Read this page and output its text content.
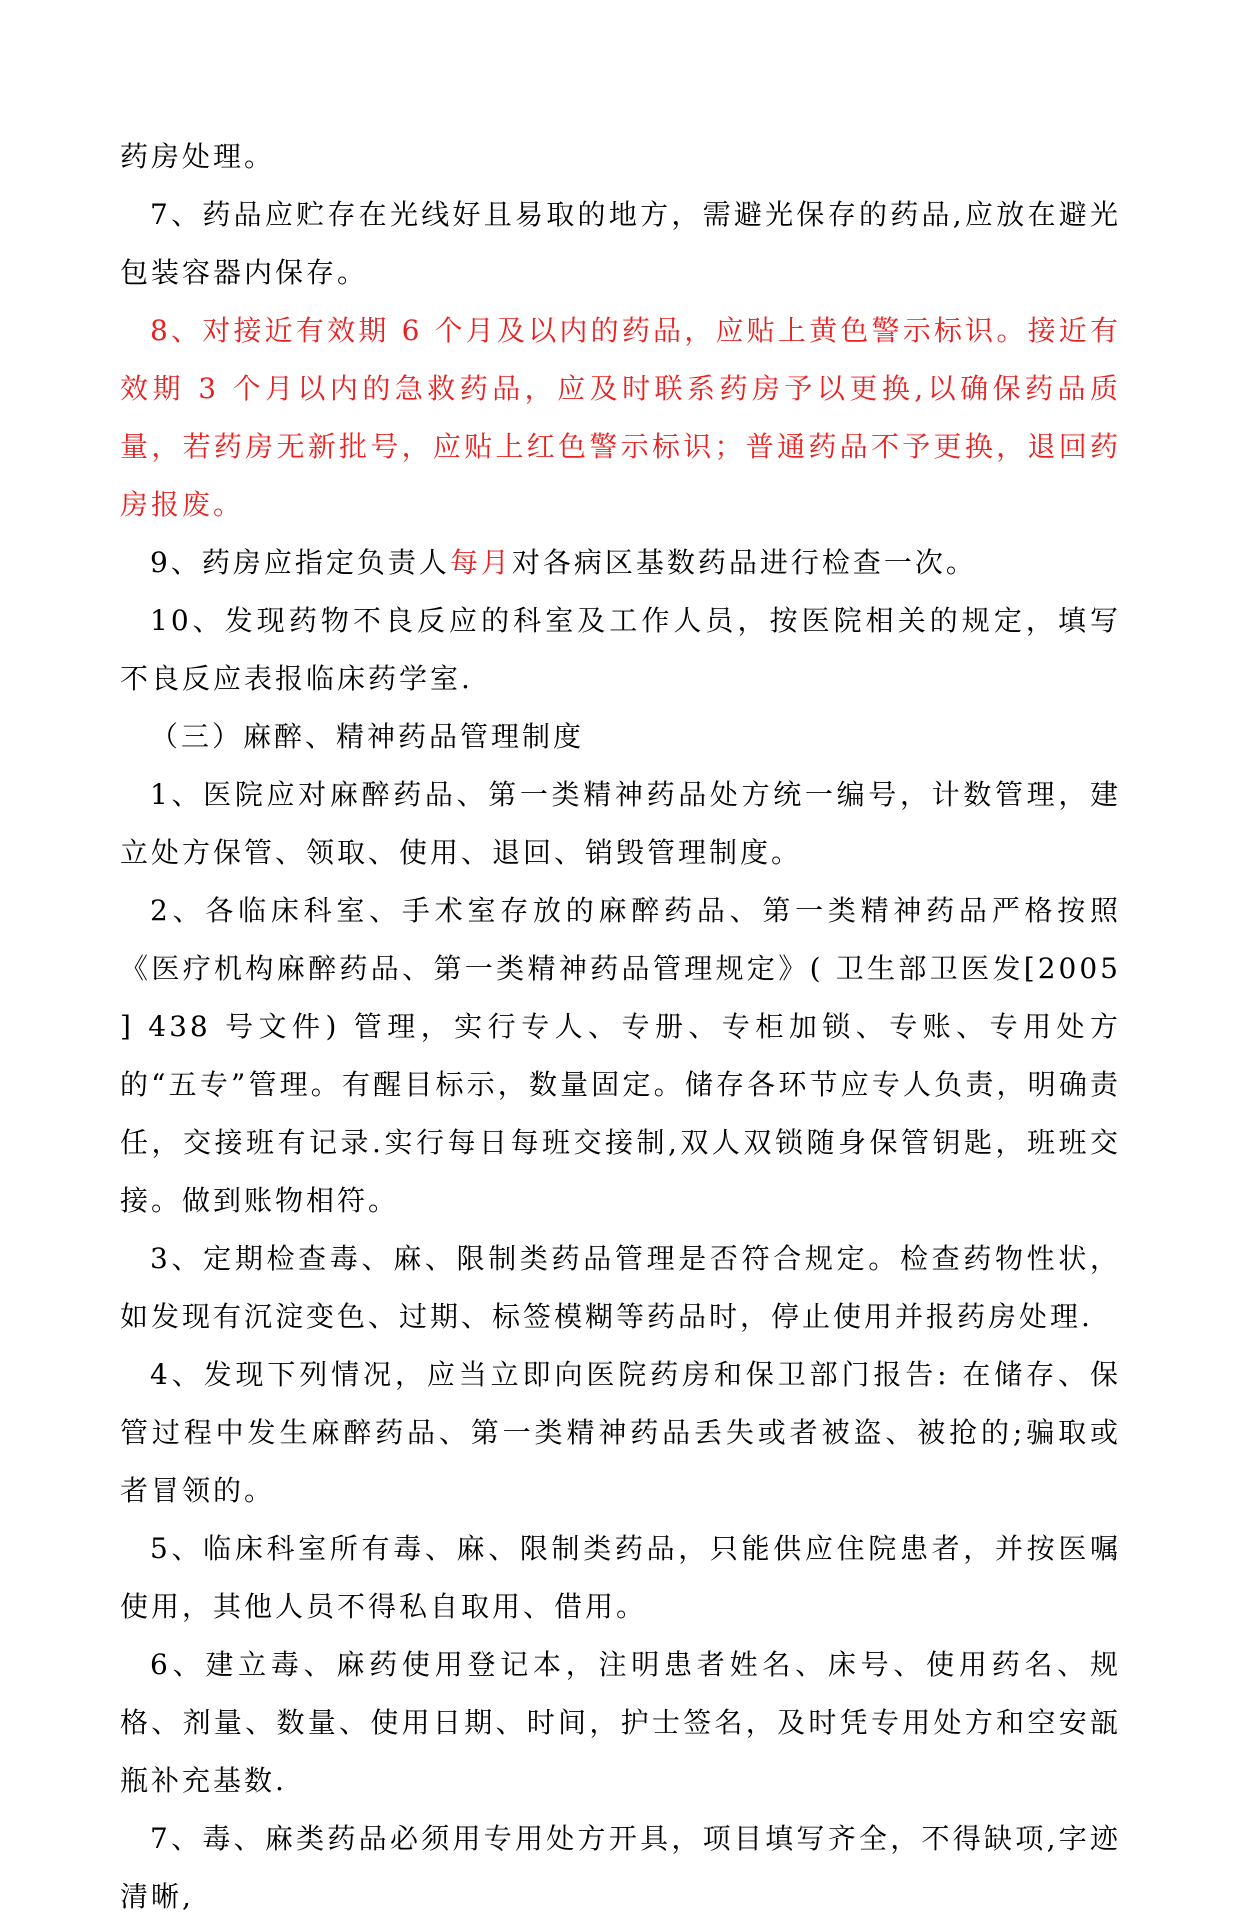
药房处理。

7、药品应贮存在光线好且易取的地方，需避光保存的药品,应放在避光包装容器内保存。

8、对接近有效期 6 个月及以内的药品，应贴上黄色警示标识。接近有效期 3 个月以内的急救药品，应及时联系药房予以更换,以确保药品质量，若药房无新批号，应贴上红色警示标识；普通药品不予更换，退回药房报废。

9、药房应指定负责人每月对各病区基数药品进行检查一次。

10、发现药物不良反应的科室及工作人员，按医院相关的规定，填写不良反应表报临床药学室.

（三）麻醉、精神药品管理制度

1、医院应对麻醉药品、第一类精神药品处方统一编号，计数管理，建立处方保管、领取、使用、退回、销毁管理制度。

2、各临床科室、手术室存放的麻醉药品、第一类精神药品严格按照《医疗机构麻醉药品、第一类精神药品管理规定》( 卫生部卫医发[2005 ] 438 号文件) 管理，实行专人、专册、专柜加锁、专账、专用处方的“五专”管理。有醒目标示，数量固定。储存各环节应专人负责，明确责任，交接班有记录.实行每日每班交接制,双人双锁随身保管钥匙，班班交接。做到账物相符。

3、定期检查毒、麻、限制类药品管理是否符合规定。检查药物性状，如发现有沉淀变色、过期、标签模糊等药品时，停止使用并报药房处理.

4、发现下列情况，应当立即向医院药房和保卫部门报告: 在储存、保管过程中发生麻醉药品、第一类精神药品丢失或者被盗、被抢的;骗取或者冒领的。

5、临床科室所有毒、麻、限制类药品，只能供应住院患者，并按医嘱使用，其他人员不得私自取用、借用。

6、建立毒、麻药使用登记本，注明患者姓名、床号、使用药名、规格、剂量、数量、使用日期、时间，护士签名，及时凭专用处方和空安瓿瓶补充基数.

7、毒、麻类药品必须用专用处方开具，项目填写齐全，不得缺项,字迹清晰,
